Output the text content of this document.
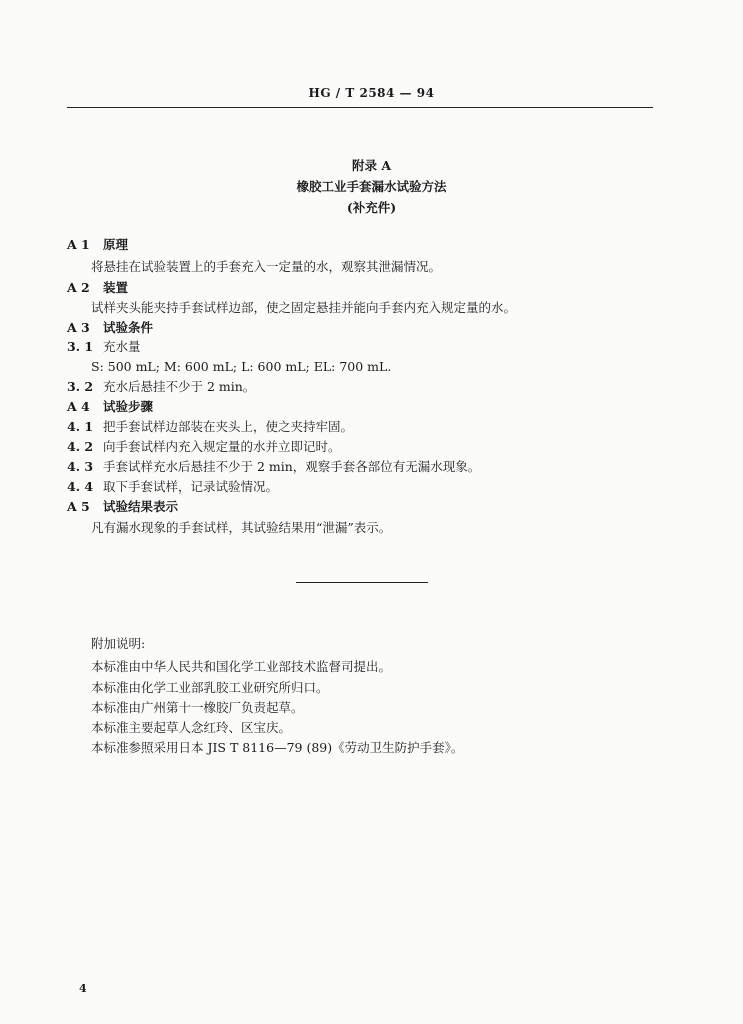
HG / T 2584 — 94
附录 A
橡胶工业手套漏水试验方法
(补充件)
A 1 原理
将悬挂在试验装置上的手套充入一定量的水，观察其泄漏情况。
A 2 装置
试样夹头能夹持手套试样边部，使之固定悬挂并能向手套内充入规定量的水。
A 3 试验条件
3. 1 充水量
S: 500 mL; M: 600 mL; L: 600 mL; EL: 700 mL.
3. 2 充水后悬挂不少于 2 min。
A 4 试验步骤
4. 1 把手套试样边部装在夹头上，使之夹持牢固。
4. 2 向手套试样内充入规定量的水并立即记时。
4. 3 手套试样充水后悬挂不少于 2 min，观察手套各部位有无漏水现象。
4. 4 取下手套试样，记录试验情况。
A 5 试验结果表示
凡有漏水现象的手套试样，其试验结果用“泄漏”表示。
附加说明:
本标准由中华人民共和国化学工业部技术监督司提出。
本标准由化学工业部乳胶工业研究所归口。
本标准由广州第十一橡胶厂负责起草。
本标准主要起草人念红玲、区宝庆。
本标准参照采用日本 JIS T 8116—79 (89)《劳动卫生防护手套》。
4
